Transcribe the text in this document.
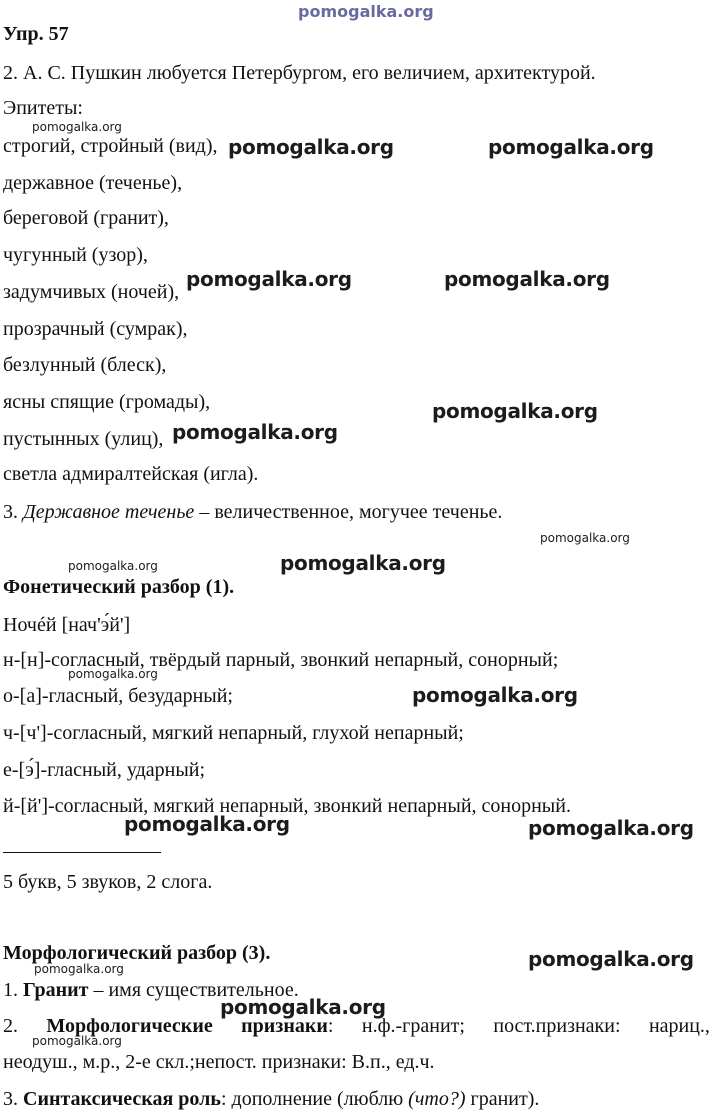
pomogalka.org
pomogalka.org	pomogalka.org
pomogalka.org	pomogalka.org
pomogalka.org
pomogalka.org
pomogalka.org
pomogalka.org
pomogalka.org	pomogalka.org
pomogalka.org
pomogalka.org
pomogalka.org
pomogalka.org
pomogalka.org
pomogalka.org
pomogalka.org
pomogalka.org
Упр. 57
2. А. С. Пушкин любуется Петербургом, его величием, архитектурой.
Эпитеты:
строгий, стройный (вид),
державное (теченье),
береговой (гранит),
чугунный (узор),
задумчивых (ночей),
прозрачный (сумрак),
безлунный (блеск),
ясны спящие (громады),
пустынных (улиц),
светла адмиралтейская (игла).
3. Державное теченье – величественное, могучее теченье.
Фонетический разбор (1).
Ночéй [нач'э́й']
н-[н]-согласный, твёрдый парный, звонкий непарный, сонорный;
о-[а]-гласный, безударный;
ч-[ч']-согласный, мягкий непарный, глухой непарный;
е-[э́]-гласный, ударный;
й-[й']-согласный, мягкий непарный, звонкий непарный, сонорный.
5 букв, 5 звуков, 2 слога.
Морфологический разбор (3).
1. Гранит – имя существительное.
2. Морфологические признаки: н.ф.-гранит; пост.признаки: нариц.,
неодуш., м.р., 2-е скл.;непост. признаки: В.п., ед.ч.
3. Синтаксическая роль: дополнение (люблю (что?) гранит).
